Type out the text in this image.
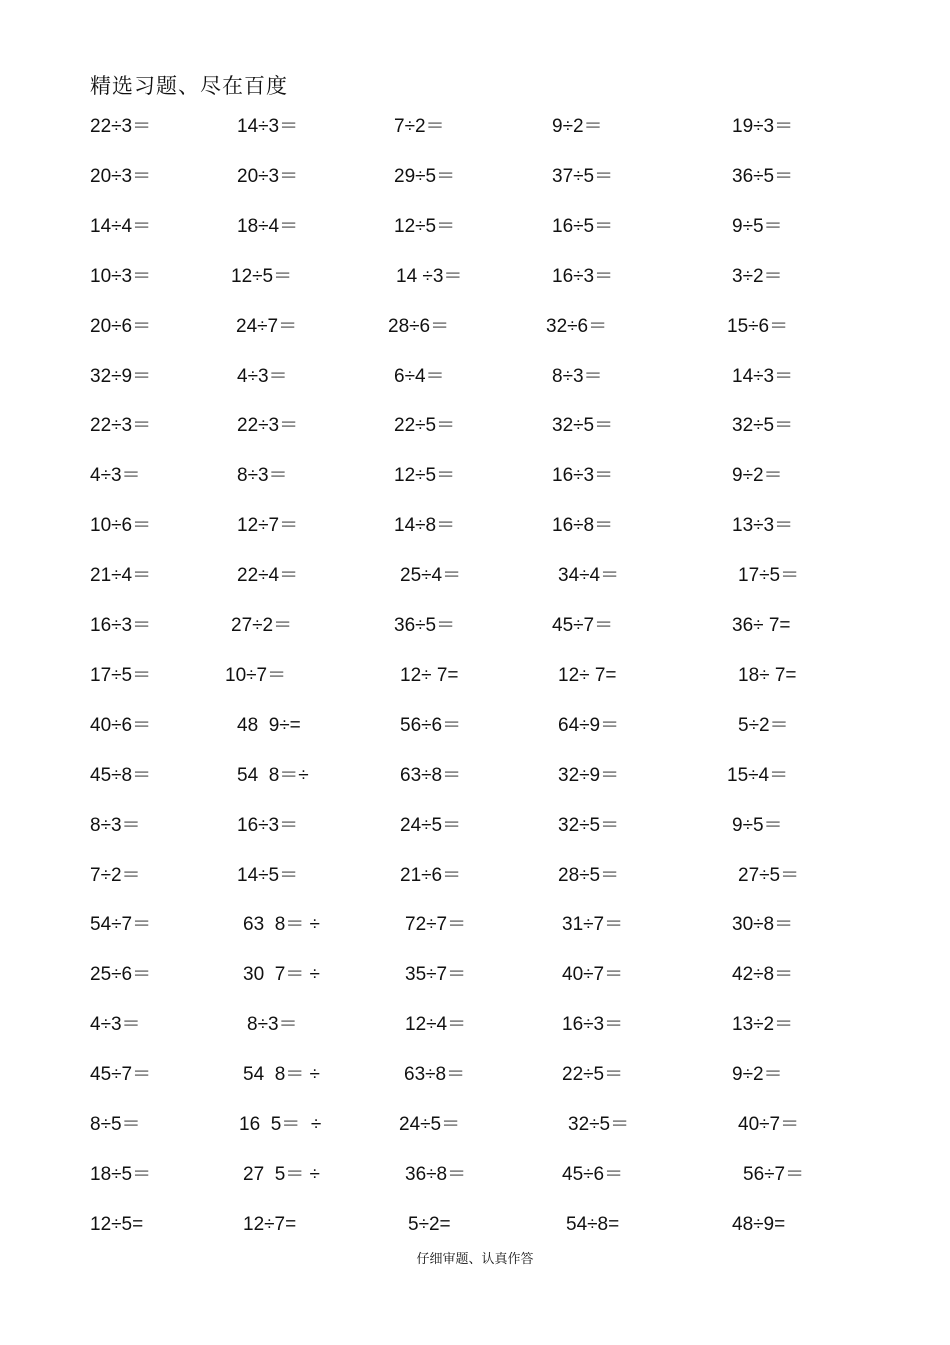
精选习题、尽在百度
22÷3＝	14÷3＝	7÷2＝	9÷2＝	19÷3＝
20÷3＝	20÷3＝	29÷5＝	37÷5＝	36÷5＝
14÷4＝	18÷4＝	12÷5＝	16÷5＝	9÷5＝
10÷3＝	12÷5＝	14 ÷3＝	16÷3＝	3÷2＝
20÷6＝	24÷7＝	28÷6＝	32÷6＝	15÷6＝
32÷9＝	4÷3＝	6÷4＝	8÷3＝	14÷3＝
22÷3＝	22÷3＝	22÷5＝	32÷5＝	32÷5＝
4÷3＝	8÷3＝	12÷5＝	16÷3＝	9÷2＝
10÷6＝	12÷7＝	14÷8＝	16÷8＝	13÷3＝
21÷4＝	22÷4＝	25÷4＝	34÷4＝	17÷5＝
16÷3＝	27÷2＝	36÷5＝	45÷7＝	36÷ 7=
17÷5＝	10÷7＝	12÷ 7=	12÷ 7=	18÷ 7=
40÷6＝	48  9÷=	56÷6＝	64÷9＝	5÷2＝
45÷8＝	54  8＝÷	63÷8＝	32÷9＝	15÷4＝
8÷3＝	16÷3＝	24÷5＝	32÷5＝	9÷5＝
7÷2＝	14÷5＝	21÷6＝	28÷5＝	27÷5＝
54÷7＝	63  8＝ ÷	72÷7＝	31÷7＝	30÷8＝
25÷6＝	30  7＝ ÷	35÷7＝	40÷7＝	42÷8＝
4÷3＝	8÷3＝	12÷4＝	16÷3＝	13÷2＝
45÷7＝	54  8＝ ÷	63÷8＝	22÷5＝	9÷2＝
8÷5＝	16  5＝  ÷	24÷5＝	32÷5＝	40÷7＝
18÷5＝	27  5＝ ÷	36÷8＝	45÷6＝	56÷7＝
12÷5=	12÷7=	5÷2=	54÷8=	48÷9=
仔细审题、认真作答
